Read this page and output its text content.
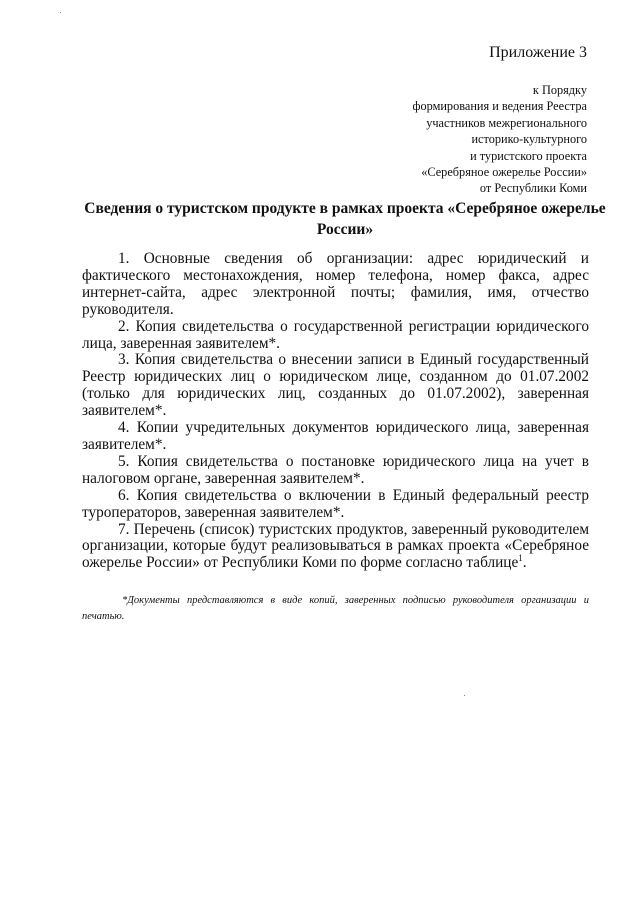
Приложение 3
к Порядку
формирования и ведения Реестра
участников межрегионального
историко-культурного
и туристского проекта
«Серебряное ожерелье России»
от Республики Коми
Сведения о туристском продукте в рамках проекта «Серебряное ожерелье России»

1. Основные сведения об организации: адрес юридический и фактического местонахождения, номер телефона, номер факса, адрес интернет-сайта, адрес электронной почты; фамилия, имя, отчество руководителя.

2. Копия свидетельства о государственной регистрации юридического лица, заверенная заявителем*.

3. Копия свидетельства о внесении записи в Единый государственный Реестр юридических лиц о юридическом лице, созданном до 01.07.2002 (только для юридических лиц, созданных до 01.07.2002), заверенная заявителем*.

4. Копии учредительных документов юридического лица, заверенная заявителем*.

5. Копия свидетельства о постановке юридического лица на учет в налоговом органе, заверенная заявителем*.

6. Копия свидетельства о включении в Единый федеральный реестр туроператоров, заверенная заявителем*.

7. Перечень (список) туристских продуктов, заверенный руководителем организации, которые будут реализовываться в рамках проекта «Серебряное ожерелье России» от Республики Коми по форме согласно таблице$^1$.

*Документы представляются в виде копий, заверенных подписью руководителя организации и печатью.
